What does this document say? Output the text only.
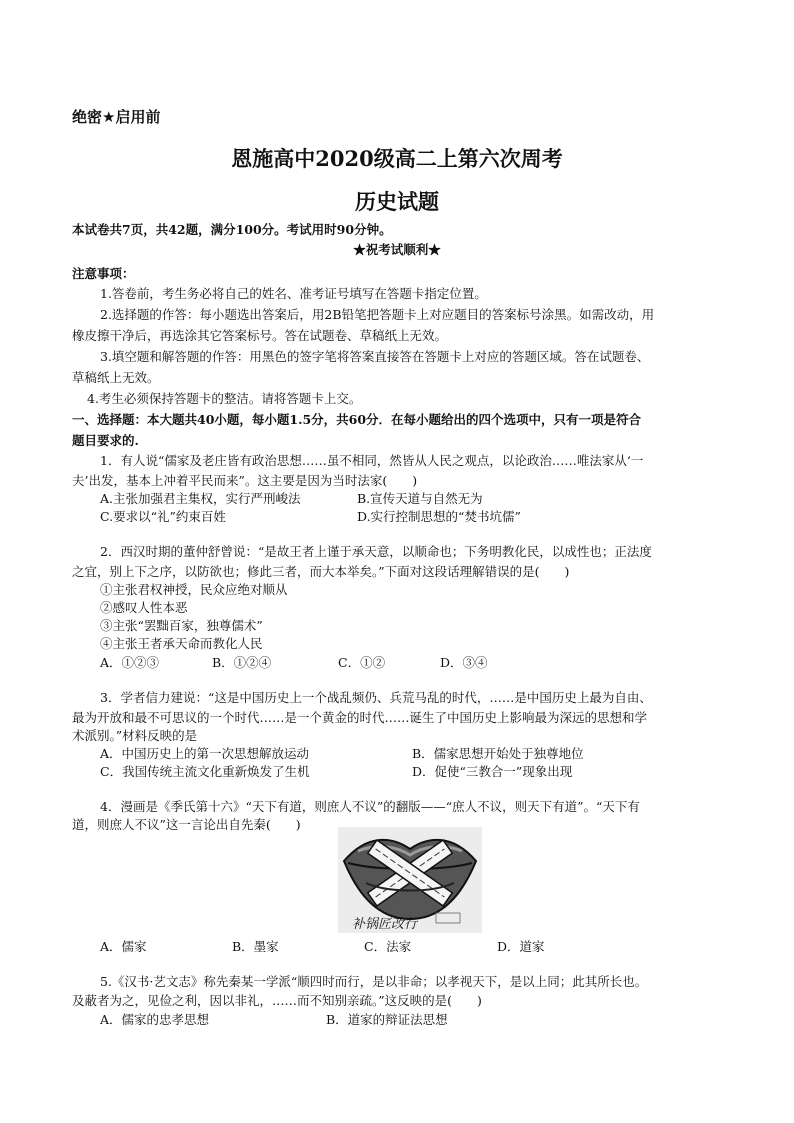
绝密★启用前
恩施高中2020级高二上第六次周考
历史试题
本试卷共7页，共42题，满分100分。考试用时90分钟。
★祝考试顺利★
注意事项：
1.答卷前，考生务必将自己的姓名、准考证号填写在答题卡指定位置。
2.选择题的作答：每小题选出答案后，用2B铅笔把答题卡上对应题目的答案标号涂黑。如需改动，用
橡皮擦干净后，再选涂其它答案标号。答在试题卷、草稿纸上无效。
3.填空题和解答题的作答：用黑色的签字笔将答案直接答在答题卡上对应的答题区域。答在试题卷、
草稿纸上无效。
4.考生必须保持答题卡的整洁。请将答题卡上交。
一、选择题：本大题共40小题，每小题1.5分，共60分．在每小题给出的四个选项中，只有一项是符合
题目要求的.
1．有人说“儒家及老庄皆有政治思想……虽不相同，然皆从人民之观点，以论政治……唯法家从‘一
夫’出发，基本上冲着平民而来”。这主要是因为当时法家(　　)
A.主张加强君主集权，实行严刑峻法	B.宣传天道与自然无为
C.要求以“礼”约束百姓	D.实行控制思想的“焚书坑儒”
2．西汉时期的董仲舒曾说：“是故王者上谨于承天意，以顺命也；下务明教化民，以成性也；正法度
之宜，别上下之序，以防欲也；修此三者，而大本举矣。”下面对这段话理解错误的是(　　)
①主张君权神授，民众应绝对顺从
②感叹人性本恶
③主张“罢黜百家，独尊儒术”
④主张王者承天命而教化人民
A．①②③	B．①②④	C．①②	D．③④
3．学者信力建说：“这是中国历史上一个战乱频仍、兵荒马乱的时代，……是中国历史上最为自由、
最为开放和最不可思议的一个时代……是一个黄金的时代……诞生了中国历史上影响最为深远的思想和学
术派别。”材料反映的是
A．中国历史上的第一次思想解放运动	B．儒家思想开始处于独尊地位
C．我国传统主流文化重新焕发了生机	D．促使“三教合一”现象出现
4．漫画是《季氏第十六》“天下有道，则庶人不议”的翻版——“庶人不议，则天下有道”。“天下有
道，则庶人不议”这一言论出自先秦(　　)
补锅匠改行
A．儒家	B．墨家	C．法家	D．道家
5.《汉书·艺文志》称先秦某一学派“顺四时而行，是以非命；以孝视天下，是以上同；此其所长也。
及蔽者为之，见俭之利，因以非礼，……而不知别亲疏。”这反映的是(　　)
A．儒家的忠孝思想	B．道家的辩证法思想
